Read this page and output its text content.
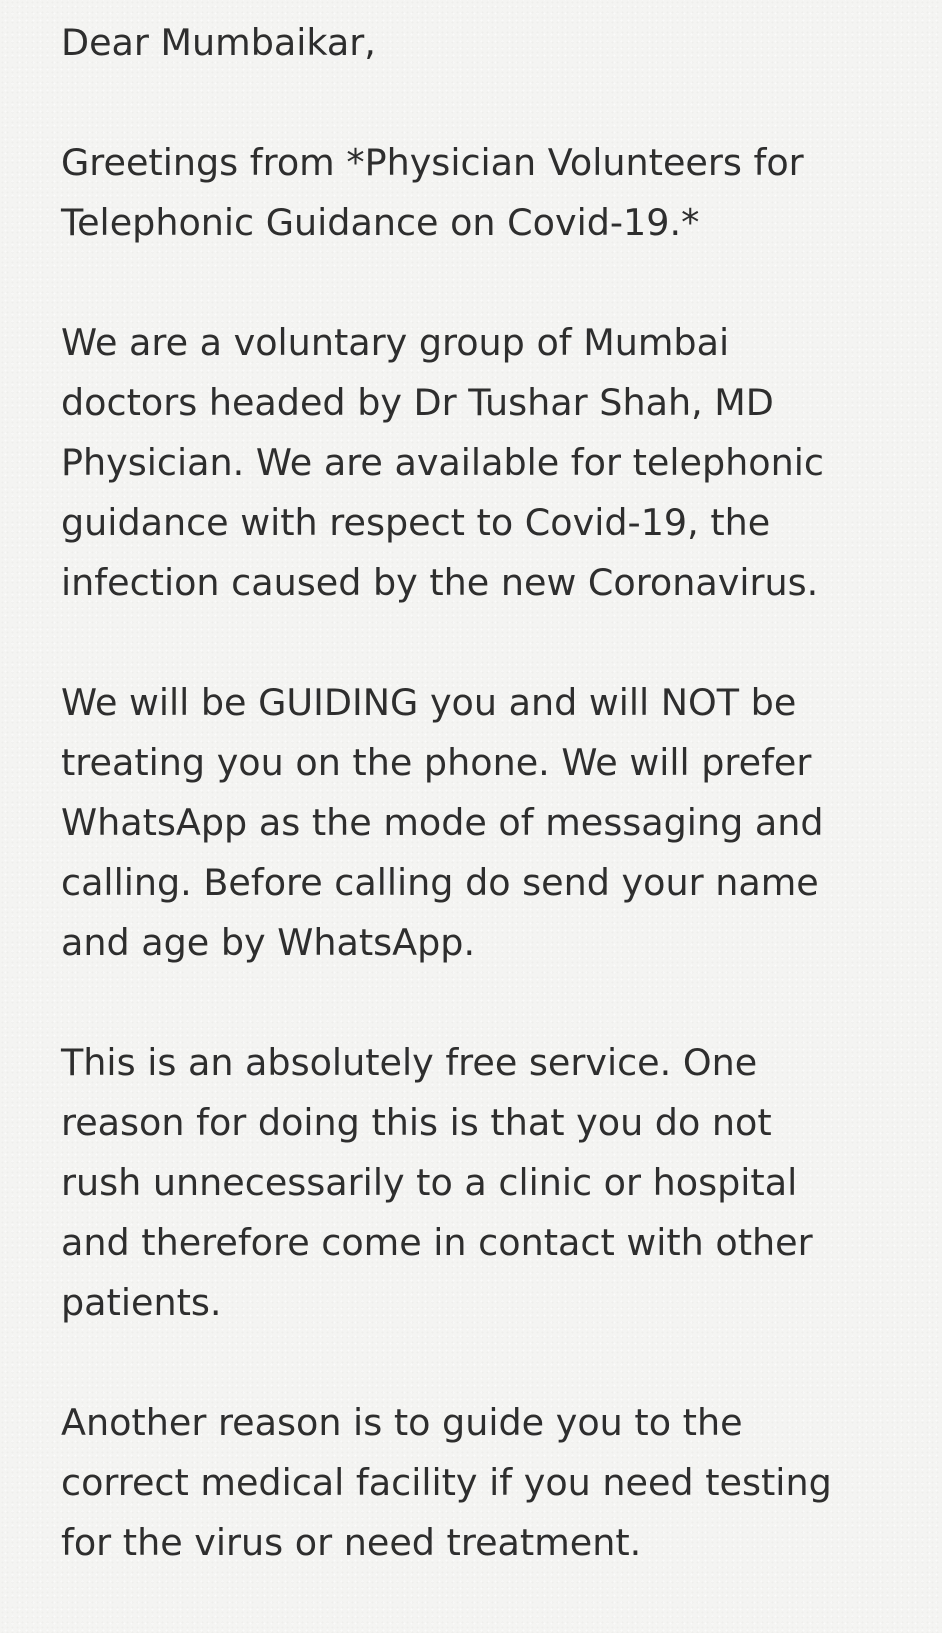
Dear Mumbaikar,

Greetings from *Physician Volunteers for
Telephonic Guidance on Covid-19.*

We are a voluntary group of Mumbai
doctors headed by Dr Tushar Shah, MD
Physician. We are available for telephonic
guidance with respect to Covid-19, the
infection caused by the new Coronavirus.

We will be GUIDING you and will NOT be
treating you on the phone. We will prefer
WhatsApp as the mode of messaging and
calling. Before calling do send your name
and age by WhatsApp.

This is an absolutely free service. One
reason for doing this is that you do not
rush unnecessarily to a clinic or hospital
and therefore come in contact with other
patients.

Another reason is to guide you to the
correct medical facility if you need testing
for the virus or need treatment.
